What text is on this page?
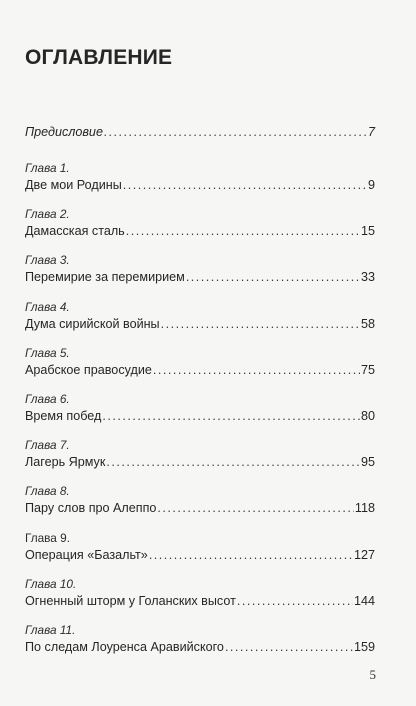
ОГЛАВЛЕНИЕ
Предисловие . . .	7
Глава 1.
Две мои Родины . . .	9
Глава 2.
Дамасская сталь . . .	15
Глава 3.
Перемирие за перемирием . . .	33
Глава 4.
Дума сирийской войны . . .	58
Глава 5.
Арабское правосудие . . .	75
Глава 6.
Время побед . . .	80
Глава 7.
Лагерь Ярмук . . .	95
Глава 8.
Пару слов про Алеппо . . .	118
Глава 9.
Операция «Базальт» . . .	127
Глава 10.
Огненный шторм у Голанских высот . . .	144
Глава 11.
По следам Лоуренса Аравийского . . .	159
5
